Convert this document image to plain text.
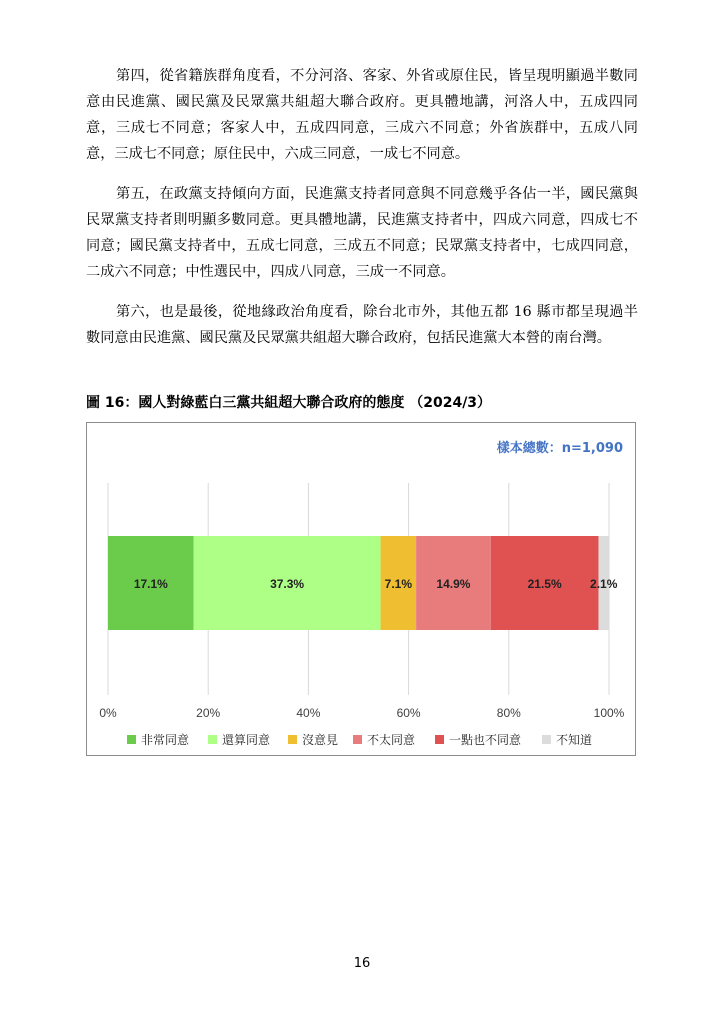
第四，從省籍族群角度看，不分河洛、客家、外省或原住民，皆呈現明顯過半數同意由民進黨、國民黨及民眾黨共組超大聯合政府。更具體地講，河洛人中，五成四同意，三成七不同意；客家人中，五成四同意，三成六不同意；外省族群中，五成八同意，三成七不同意；原住民中，六成三同意，一成七不同意。

第五，在政黨支持傾向方面，民進黨支持者同意與不同意幾乎各佔一半，國民黨與民眾黨支持者則明顯多數同意。更具體地講，民進黨支持者中，四成六同意，四成七不同意；國民黨支持者中，五成七同意，三成五不同意；民眾黨支持者中，七成四同意，二成六不同意；中性選民中，四成八同意，三成一不同意。

第六，也是最後，從地緣政治角度看，除台北市外，其他五都 16 縣市都呈現過半數同意由民進黨、國民黨及民眾黨共組超大聯合政府，包括民進黨大本營的南台灣。

圖 16：國人對綠藍白三黨共組超大聯合政府的態度 （2024/3）

樣本總數：n=1,090
0%	20%	40%	60%	80%	100%
17.1%	37.3%	7.1% 14.9%	21.5% 2.1%
非常同意	還算同意	沒意見 不太同意	一點也不同意	不知道
16
